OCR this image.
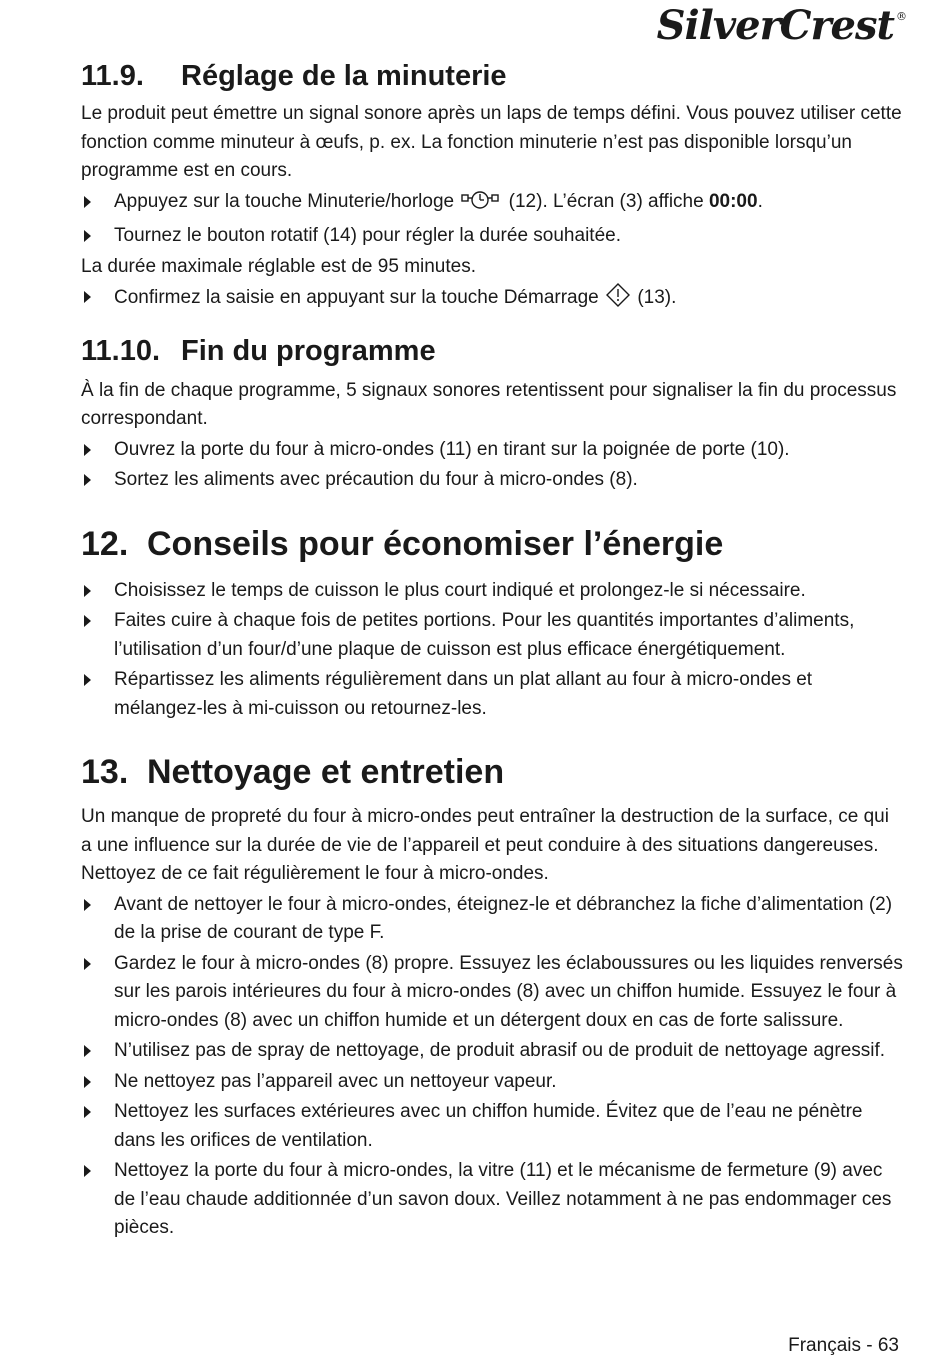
SilverCrest ®
11.9.	Réglage de la minuterie

Le produit peut émettre un signal sonore après un laps de temps défini. Vous pouvez utiliser cette fonction comme minuteur à œufs, p. ex. La fonction minuterie n’est pas disponible lorsqu’un programme est en cours.

Appuyez sur la touche Minuterie/horloge	(12). L’écran (3) affiche 00:00.
Tournez le bouton rotatif (14) pour régler la durée souhaitée.

La durée maximale réglable est de 95 minutes.

Confirmez la saisie en appuyant sur la touche Démarrage (13).
11.10. Fin du programme

À la fin de chaque programme, 5 signaux sonores retentissent pour signaliser la fin du processus correspondant.

Ouvrez la porte du four à micro-ondes (11) en tirant sur la poignée de porte (10).
Sortez les aliments avec précaution du four à micro-ondes (8).
12. Conseils pour économiser l’énergie
Choisissez le temps de cuisson le plus court indiqué et prolongez-le si nécessaire.
Faites cuire à chaque fois de petites portions. Pour les quantités importantes d’aliments, l’utilisation d’un four/d’une plaque de cuisson est plus efficace énergétiquement.
Répartissez les aliments régulièrement dans un plat allant au four à micro-ondes et mélangez-les à mi-cuisson ou retournez-les.
13. Nettoyage et entretien

Un manque de propreté du four à micro-ondes peut entraîner la destruction de la surface, ce qui a une influence sur la durée de vie de l’appareil et peut conduire à des situations dangereuses. Nettoyez de ce fait régulièrement le four à micro-ondes.

Avant de nettoyer le four à micro-ondes, éteignez-le et débranchez la fiche d’alimentation (2) de la prise de courant de type F.
Gardez le four à micro-ondes (8) propre. Essuyez les éclaboussures ou les liquides renversés sur les parois intérieures du four à micro-ondes (8) avec un chiffon humide. Essuyez le four à micro-ondes (8) avec un chiffon humide et un détergent doux en cas de forte salissure.
N’utilisez pas de spray de nettoyage, de produit abrasif ou de produit de nettoyage agressif.
Ne nettoyez pas l’appareil avec un nettoyeur vapeur.
Nettoyez les surfaces extérieures avec un chiffon humide. Évitez que de l’eau ne pénètre dans les orifices de ventilation.
Nettoyez la porte du four à micro-ondes, la vitre (11) et le mécanisme de fermeture (9) avec de l’eau chaude additionnée d’un savon doux. Veillez notamment à ne pas endommager ces pièces.
Français - 63
